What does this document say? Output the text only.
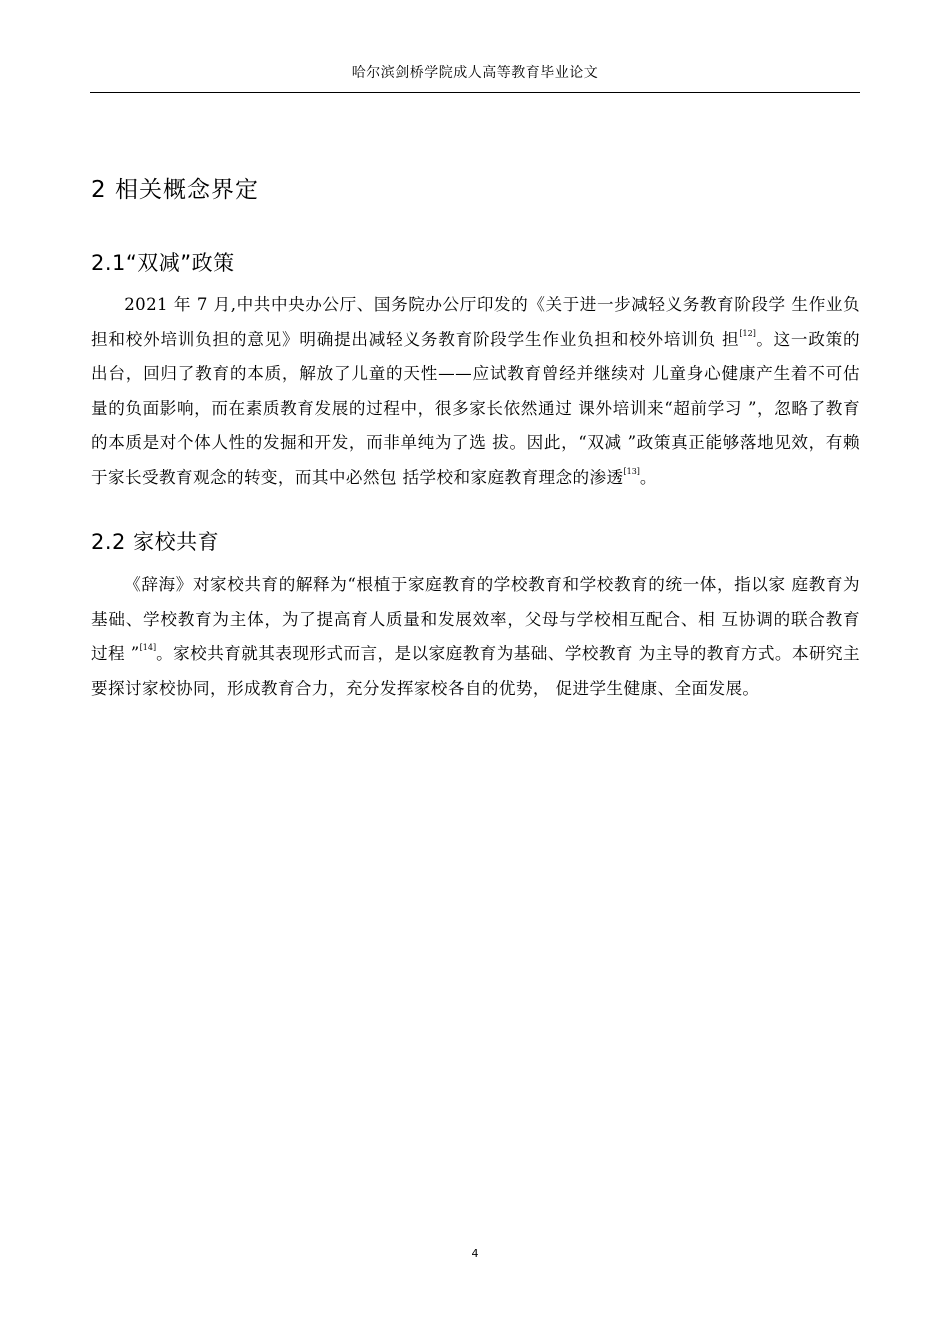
哈尔滨剑桥学院成人高等教育毕业论文
2 相关概念界定
2.1“双减”政策

2021 年 7 月,中共中央办公厅、国务院办公厅印发的《关于进一步减轻义务教育阶段学 生作业负担和校外培训负担的意见》明确提出减轻义务教育阶段学生作业负担和校外培训负 担[12]。这一政策的出台，回归了教育的本质，解放了儿童的天性——应试教育曾经并继续对 儿童身心健康产生着不可估量的负面影响，而在素质教育发展的过程中，很多家长依然通过 课外培训来“超前学习 ”，忽略了教育的本质是对个体人性的发掘和开发，而非单纯为了选 拔。因此，“双减 ”政策真正能够落地见效，有赖于家长受教育观念的转变，而其中必然包 括学校和家庭教育理念的渗透[13]。

2.2 家校共育

《辞海》对家校共育的解释为“根植于家庭教育的学校教育和学校教育的统一体，指以家 庭教育为基础、学校教育为主体，为了提高育人质量和发展效率，父母与学校相互配合、相 互协调的联合教育过程 ”[14]。家校共育就其表现形式而言，是以家庭教育为基础、学校教育 为主导的教育方式。本研究主要探讨家校协同，形成教育合力，充分发挥家校各自的优势， 促进学生健康、全面发展。

4
